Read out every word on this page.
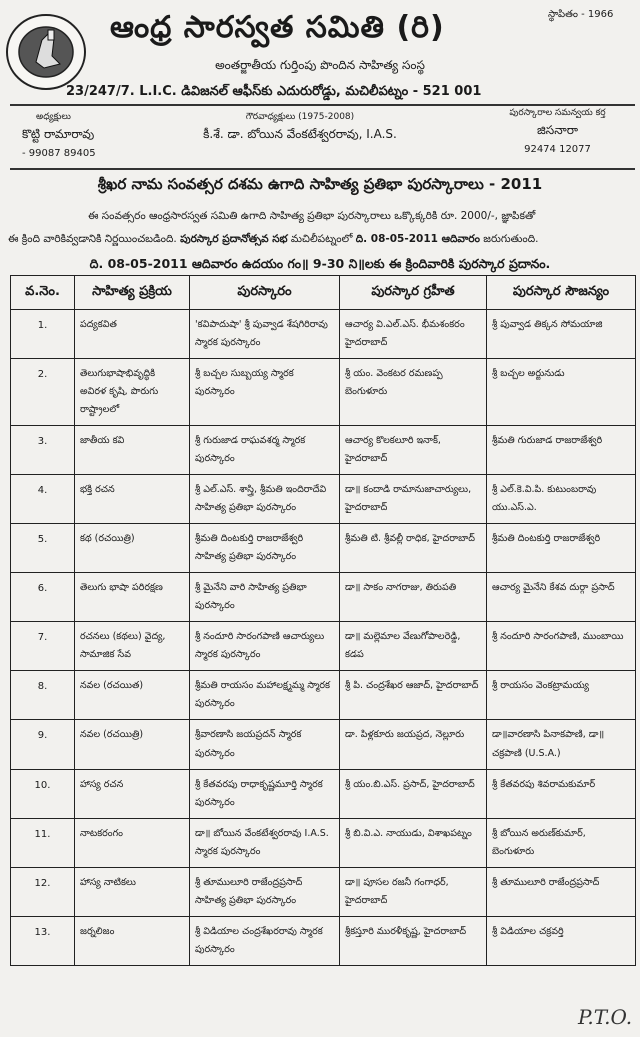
స్థాపితం - 1966
ఆంధ్ర సారస్వత సమితి (రి)
అంతర్జాతీయ గుర్తింపు పొందిన సాహిత్య సంస్థ
23/247/7. L.I.C. డివిజనల్ ఆఫీస్‌కు ఎదురురోడ్డు, మచిలీపట్నం - 521 001
అధ్యక్షులు
కొట్టి రామారావు
- 99087 89405
గౌరవాధ్యక్షులు (1975-2008)
కీ.శే. డా. బోయిన వేంకటేశ్వరరావు, I.A.S.
పురస్కారాల సమన్వయ కర్త
జిసనారా
92474 12077
శ్రీఖర నామ సంవత్సర దశమ ఉగాది సాహిత్య ప్రతిభా పురస్కారాలు - 2011
ఈ సంవత్సరం ఆంధ్రసారస్వత సమితి ఉగాది సాహిత్య ప్రతిభా పురస్కారాలు ఒక్కొక్కరికి రూ. 2000/-, జ్ఞాపికతో
ఈ క్రింది వారికివ్వడానికి నిర్ణయించబడింది. పురస్కార ప్రదానోత్సవ సభ మచిలీపట్నంలో ది. 08-05-2011 ఆదివారం జరుగుతుంది.
ది. 08-05-2011 ఆదివారం ఉదయం గం॥ 9-30 ని॥లకు ఈ క్రిందివారికి పురస్కార ప్రదానం.
వ.నెం.	సాహిత్య ప్రక్రియ	పురస్కారం	పురస్కార గ్రహీత	పురస్కార సౌజన్యం
1.	పద్యకవిత	'కవిపాదుషా' శ్రీ పువ్వాడ శేషగిరిరావు స్మారక పురస్కారం	ఆచార్య వి.ఎల్.ఎస్. భీమశంకరం హైదరాబాద్	శ్రీ పువ్వాడ తిక్కన సోమయాజి
2.	తెలుగుభాషాభివృద్ధికి అవిరళ కృషి, పొరుగు రాష్ట్రాలలో	శ్రీ బచ్చల సుబ్బయ్య స్మారక పురస్కారం	శ్రీ యం. వెంకటర రమణప్ప బెంగుళూరు	శ్రీ బచ్చల అర్జునుడు
3.	జాతీయ కవి	శ్రీ గురుజాడ రాఘవశర్మ స్మారక పురస్కారం	ఆచార్య కొలకలూరి ఇనాక్, హైదరాబాద్	శ్రీమతి గురుజాడ రాజరాజేశ్వరి
4.	భక్తి రచన	శ్రీ ఎల్.ఎస్. శాస్త్రి, శ్రీమతి ఇందిరాదేవి సాహిత్య ప్రతిభా పురస్కారం	డా॥ కందాడి రామానుజాచార్యులు, హైదరాబాద్	శ్రీ ఎల్.కె.వి.పి. కుటుంబరావు యు.ఎస్.ఎ.
5.	కథ (రచయిత్రి)	శ్రీమతి దింటకుర్తి రాజరాజేశ్వరి సాహిత్య ప్రతిభా పురస్కారం	శ్రీమతి టి. శ్రీవల్లీ రాధిక, హైదరాబాద్	శ్రీమతి దింటకుర్తి రాజరాజేశ్వరి
6.	తెలుగు భాషా పరిరక్షణ	శ్రీ మైనేని వారి సాహిత్య ప్రతిభా పురస్కారం	డా॥ సాకం నాగరాజు, తిరుపతి	ఆచార్య మైనేని కేశవ దుర్గా ప్రసాద్
7.	రచనలు (కథలు) వైద్య, సామాజిక సేవ	శ్రీ నందూరి సారంగపాణి ఆచార్యులు స్మారక పురస్కారం	డా॥ మల్లెమాల వేణుగోపాలరెడ్డి, కడప	శ్రీ నందూరి సారంగపాణి, ముంబాయి
8.	నవల (రచయిత)	శ్రీమతి రాయసం మహాలక్ష్మమ్మ స్మారక పురస్కారం	శ్రీ పి. చంద్రశేఖర ఆజాద్, హైదరాబాద్	శ్రీ రాయసం వెంకట్రామయ్య
9.	నవల (రచయిత్రి)	శ్రీవారణాసి జయప్రదన్ స్మారక పురస్కారం	డా. పిళ్లకూరు జయప్రద, నెల్లూరు	డా॥వారణాసి పినాకపాణి, డా॥ చక్రపాణి (U.S.A.)
10.	హాస్య రచన	శ్రీ కేతవరపు రాధాకృష్ణమూర్తి స్మారక పురస్కారం	శ్రీ యం.బి.ఎస్. ప్రసాద్, హైదరాబాద్	శ్రీ కేతవరపు శివరామకుమార్
11.	నాటకరంగం	డా॥ బోయిన వేంకటేశ్వరరావు I.A.S. స్మారక పురస్కారం	శ్రీ బి.వి.ఎ. నాయుడు, విశాఖపట్నం	శ్రీ బోయిన అరుణ్‌కుమార్, బెంగుళూరు
12.	హాస్య నాటికలు	శ్రీ తూములూరి రాజేంద్రప్రసాద్ సాహిత్య ప్రతిభా పురస్కారం	డా॥ పూసల రజనీ గంగాధర్, హైదరాబాద్	శ్రీ తూములూరి రాజేంద్రప్రసాద్
13.	జర్నలిజం	శ్రీ విడియాల చంద్రశేఖరరావు స్మారక పురస్కారం	శ్రీకస్తూరి మురళీకృష్ణ, హైదరాబాద్	శ్రీ విడియాల చక్రవర్తి
P.T.O.
